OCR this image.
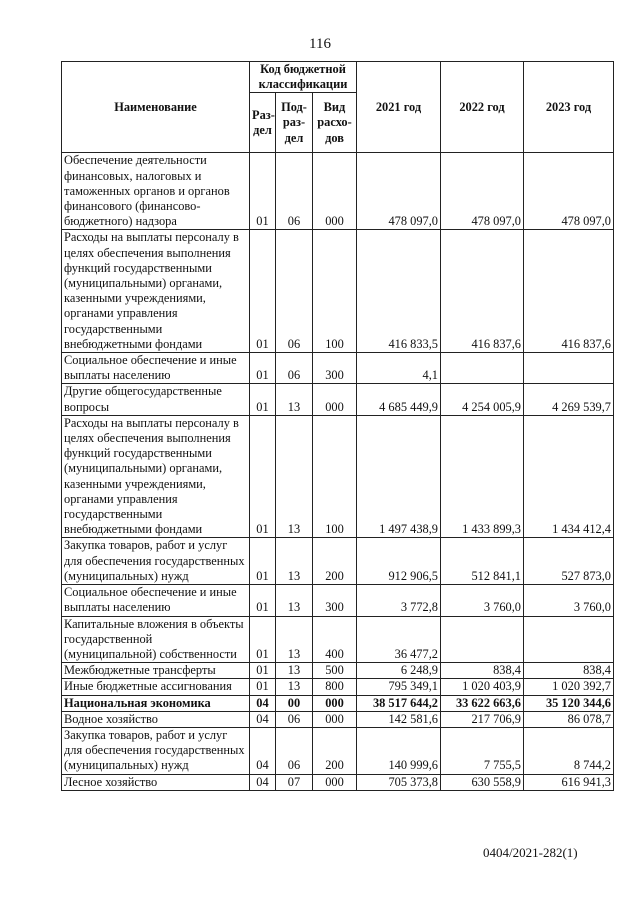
116
Наименование	Код бюджетной классификации			2021 год	2022 год	2023 год
	Раз-дел	Под-раз-дел	Вид расхо-дов			
Обеспечение деятельности финансовых, налоговых и таможенных органов и органов финансового (финансово-бюджетного) надзора	01	06	000	478 097,0	478 097,0	478 097,0
Расходы на выплаты персоналу в целях обеспечения выполнения функций государственными (муниципальными) органами, казенными учреждениями, органами управления государственными внебюджетными фондами	01	06	100	416 833,5	416 837,6	416 837,6
Социальное обеспечение и иные выплаты населению	01	06	300	4,1		
Другие общегосударственные вопросы	01	13	000	4 685 449,9	4 254 005,9	4 269 539,7
Расходы на выплаты персоналу в целях обеспечения выполнения функций государственными (муниципальными) органами, казенными учреждениями, органами управления государственными внебюджетными фондами	01	13	100	1 497 438,9	1 433 899,3	1 434 412,4
Закупка товаров, работ и услуг для обеспечения государственных (муниципальных) нужд	01	13	200	912 906,5	512 841,1	527 873,0
Социальное обеспечение и иные выплаты населению	01	13	300	3 772,8	3 760,0	3 760,0
Капитальные вложения в объекты государственной (муниципальной) собственности	01	13	400	36 477,2		
Межбюджетные трансферты	01	13	500	6 248,9	838,4	838,4
Иные бюджетные ассигнования	01	13	800	795 349,1	1 020 403,9	1 020 392,7
Национальная экономика	04	00	000	38 517 644,2	33 622 663,6	35 120 344,6
Водное хозяйство	04	06	000	142 581,6	217 706,9	86 078,7
Закупка товаров, работ и услуг для обеспечения государственных (муниципальных) нужд	04	06	200	140 999,6	7 755,5	8 744,2
Лесное хозяйство	04	07	000	705 373,8	630 558,9	616 941,3
0404/2021-282(1)
